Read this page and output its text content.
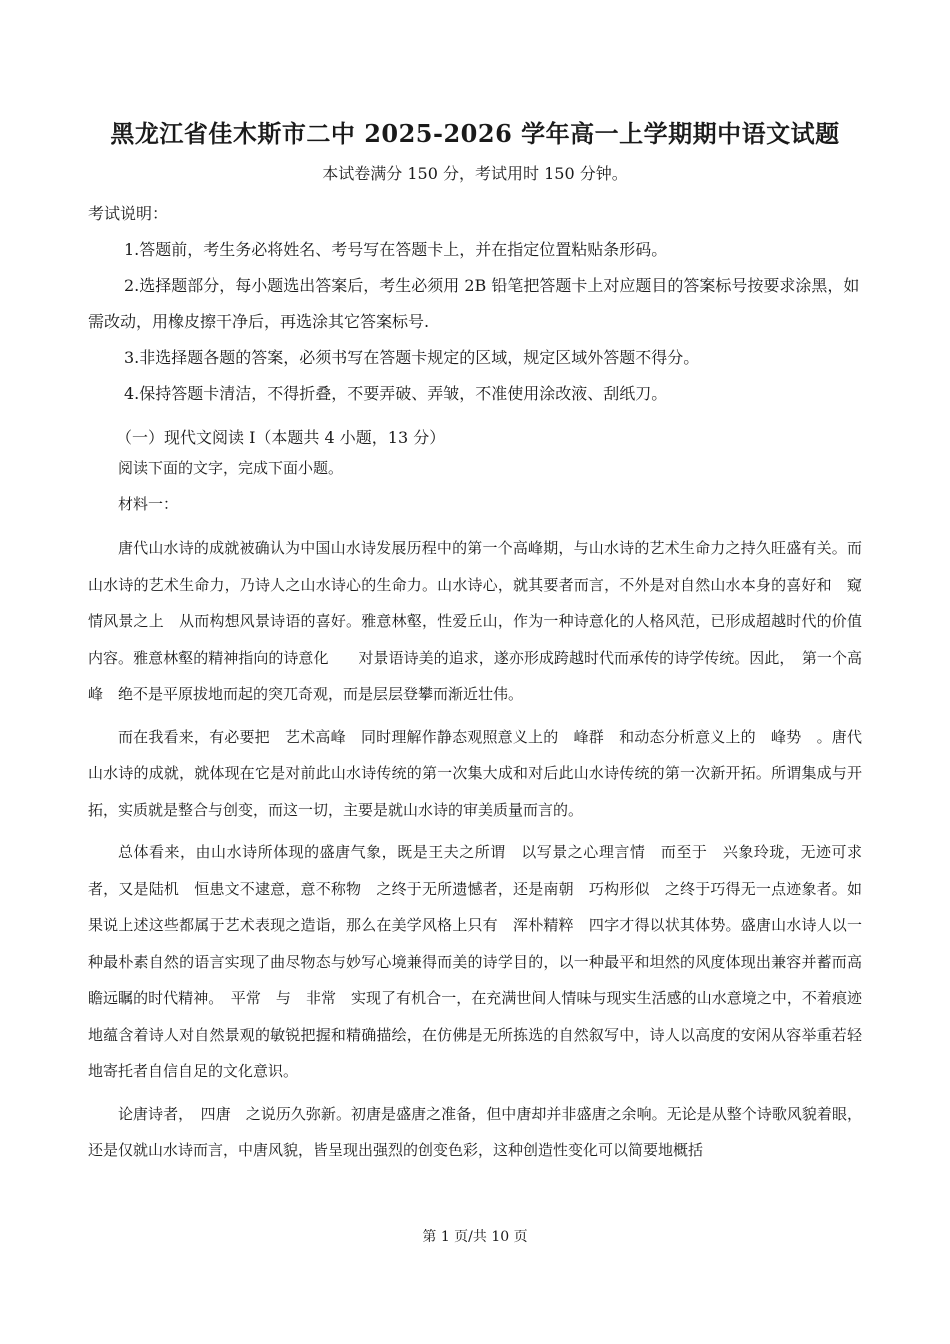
黑龙江省佳木斯市二中 2025-2026 学年高一上学期期中语文试题
本试卷满分 150 分，考试用时 150 分钟。

考试说明：

1.答题前，考生务必将姓名、考号写在答题卡上，并在指定位置粘贴条形码。

2.选择题部分，每小题选出答案后，考生必须用 2B 铅笔把答题卡上对应题目的答案标号按要求涂黑，如需改动，用橡皮擦干净后，再选涂其它答案标号.

3.非选择题各题的答案，必须书写在答题卡规定的区域，规定区域外答题不得分。

4.保持答题卡清洁，不得折叠，不要弄破、弄皱，不准使用涂改液、刮纸刀。

（一）现代文阅读 I（本题共 4 小题，13 分）
阅读下面的文字，完成下面小题。
材料一：

唐代山水诗的成就被确认为中国山水诗发展历程中的第一个高峰期，与山水诗的艺术生命力之持久旺盛有关。而山水诗的艺术生命力，乃诗人之山水诗心的生命力。山水诗心，就其要者而言，不外是对自然山水本身的喜好和　窥情风景之上　从而构想风景诗语的喜好。雅意林壑，性爱丘山，作为一种诗意化的人格风范，已形成超越时代的价值内容。雅意林壑的精神指向的诗意化　　对景语诗美的追求，遂亦形成跨越时代而承传的诗学传统。因此，　第一个高峰　绝不是平原拔地而起的突兀奇观，而是层层登攀而渐近壮伟。

而在我看来，有必要把　艺术高峰　同时理解作静态观照意义上的　峰群　和动态分析意义上的　峰势　。唐代山水诗的成就，就体现在它是对前此山水诗传统的第一次集大成和对后此山水诗传统的第一次新开拓。所谓集成与开拓，实质就是整合与创变，而这一切，主要是就山水诗的审美质量而言的。

总体看来，由山水诗所体现的盛唐气象，既是王夫之所谓　以写景之心理言情　而至于　兴象玲珑，无迹可求　者，又是陆机　恒患文不逮意，意不称物　之终于无所遗憾者，还是南朝　巧构形似　之终于巧得无一点迹象者。如果说上述这些都属于艺术表现之造诣，那么在美学风格上只有　浑朴精粹　四字才得以状其体势。盛唐山水诗人以一种最朴素自然的语言实现了曲尽物态与妙写心境兼得而美的诗学目的，以一种最平和坦然的风度体现出兼容并蓄而高瞻远瞩的时代精神。　平常　与　非常　实现了有机合一，在充满世间人情味与现实生活感的山水意境之中，不着痕迹地蕴含着诗人对自然景观的敏锐把握和精确描绘，在仿佛是无所拣选的自然叙写中，诗人以高度的安闲从容举重若轻地寄托者自信自足的文化意识。

论唐诗者，　四唐　之说历久弥新。初唐是盛唐之准备，但中唐却并非盛唐之余响。无论是从整个诗歌风貌着眼，还是仅就山水诗而言，中唐风貌，皆呈现出强烈的创变色彩，这种创造性变化可以简要地概括

第 1 页/共 10 页
